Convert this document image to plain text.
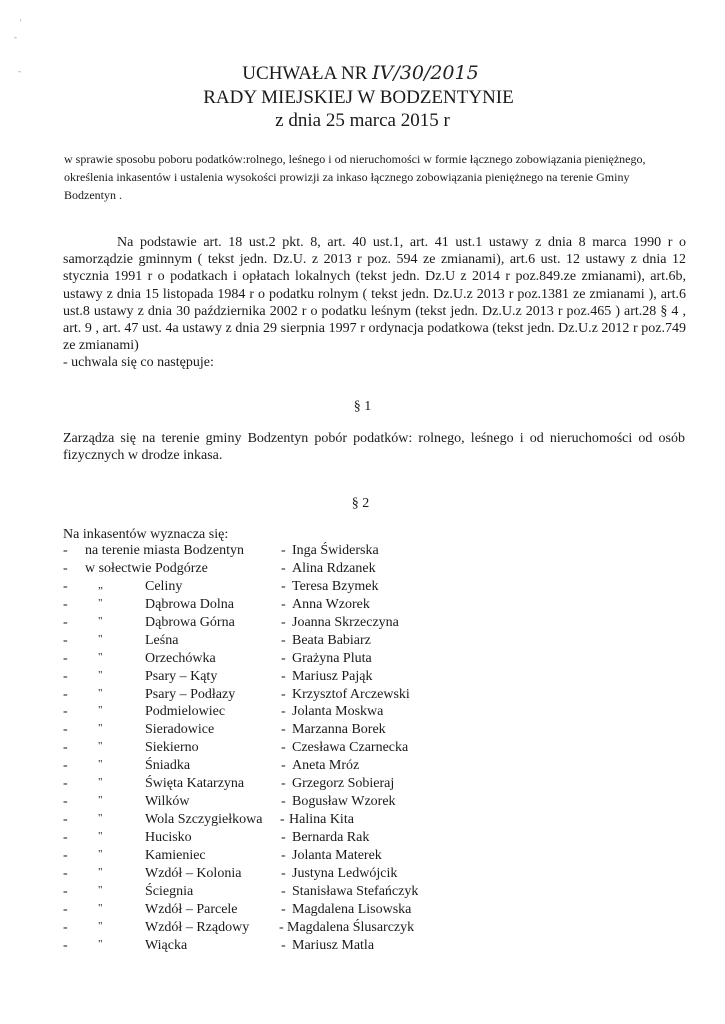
'
-
-	UCHWAŁA NR IV/30/2015
RADY MIEJSKIEJ W BODZENTYNIE
z dnia 25 marca 2015 r
w sprawie sposobu poboru podatków:rolnego, leśnego i od nieruchomości w formie łącznego zobowiązania pieniężnego, określenia inkasentów i ustalenia wysokości prowizji za inkaso łącznego zobowiązania pieniężnego na terenie Gminy Bodzentyn .
Na podstawie art. 18 ust.2 pkt. 8, art. 40 ust.1, art. 41 ust.1 ustawy z dnia 8 marca 1990 r o samorządzie gminnym ( tekst jedn. Dz.U. z 2013 r poz. 594 ze zmianami), art.6 ust. 12 ustawy z dnia 12 stycznia 1991 r o podatkach i opłatach lokalnych (tekst jedn. Dz.U z 2014 r poz.849.ze zmianami), art.6b, ustawy z dnia 15 listopada 1984 r o podatku rolnym ( tekst jedn. Dz.U.z 2013 r poz.1381 ze zmianami ), art.6 ust.8 ustawy z dnia 30 października 2002 r o podatku leśnym (tekst jedn. Dz.U.z 2013 r poz.465 ) art.28 § 4 , art. 9 , art. 47 ust. 4a ustawy z dnia 29 sierpnia 1997 r ordynacja podatkowa (tekst jedn. Dz.U.z 2012 r poz.749 ze zmianami)
- uchwala się co następuje:
§ 1
Zarządza się na terenie gminy Bodzentyn pobór podatków: rolnego, leśnego i od nieruchomości od osób fizycznych w drodze inkasa.
§ 2
Na inkasentów wyznacza się:
- na terenie miasta Bodzentyn	- Inga Świderska
- w sołectwie Podgórze	- Alina Rdzanek
-	„	Celiny	- Teresa Bzymek
-	"	Dąbrowa Dolna	- Anna Wzorek
-	"	Dąbrowa Górna	- Joanna Skrzeczyna
-	"	Leśna	- Beata Babiarz
-	"	Orzechówka	- Grażyna Pluta
-	"	Psary – Kąty	- Mariusz Pająk
-	"	Psary – Podłazy	- Krzysztof Arczewski
-	"	Podmielowiec	- Jolanta Moskwa
-	"	Sieradowice	- Marzanna Borek
-	"	Siekierno	- Czesława Czarnecka
-	"	Śniadka	- Aneta Mróz
-	"	Święta Katarzyna	- Grzegorz Sobieraj
-	"	Wilków	- Bogusław Wzorek
-	"	Wola Szczygiełkowa - Halina Kita
-	"	Hucisko	- Bernarda Rak
-	"	Kamieniec	- Jolanta Materek
-	"	Wzdół – Kolonia	- Justyna Ledwójcik
-	"	Ściegnia	- Stanisława Stefańczyk
-	"	Wzdół – Parcele	- Magdalena Lisowska
-	"	Wzdół – Rządowy - Magdalena Ślusarczyk
-	"	Wiącka	- Mariusz Matla
